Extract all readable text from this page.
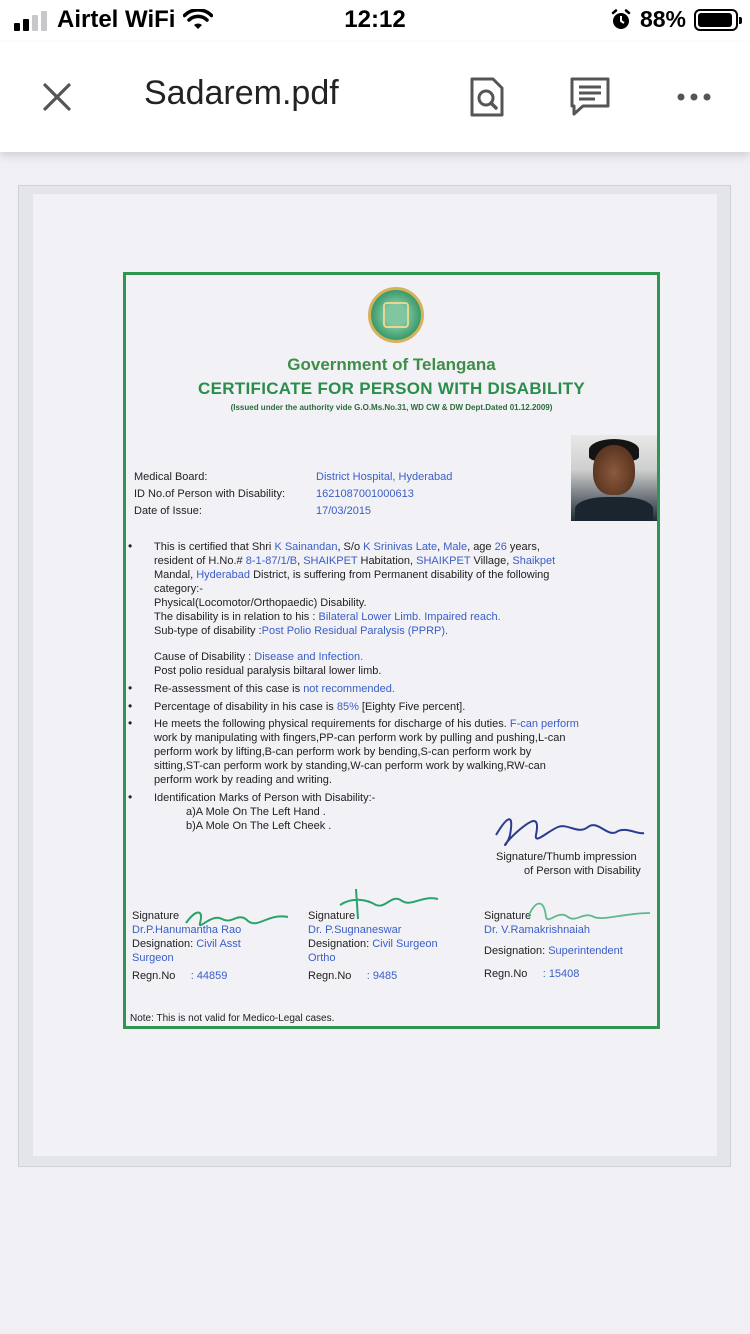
Airtel WiFi	12:12	88%
Sadarem.pdf
Government of Telangana
CERTIFICATE FOR PERSON WITH DISABILITY
(Issued under the authority vide G.O.Ms.No.31, WD CW & DW Dept.Dated 01.12.2009)
Medical Board:	District Hospital, Hyderabad
ID No.of Person with Disability:	1621087001000613
Date of Issue:	17/03/2015
• This is certified that Shri K Sainandan, S/o K Srinivas Late, Male, age 26 years,
resident of H.No.# 8-1-87/1/B, SHAIKPET Habitation, SHAIKPET Village, Shaikpet
Mandal, Hyderabad District, is suffering from Permanent disability of the following
category:-
Physical(Locomotor/Orthopaedic) Disability.
The disability is in relation to his : Bilateral Lower Limb. Impaired reach.
Sub-type of disability :Post Polio Residual Paralysis (PPRP).
Cause of Disability : Disease and Infection.
Post polio residual paralysis biltaral lower limb.
• Re-assessment of this case is not recommended.
• Percentage of disability in his case is 85% [Eighty Five percent].
• He meets the following physical requirements for discharge of his duties. F-can perform
work by manipulating with fingers,PP-can perform work by pulling and pushing,L-can
perform work by lifting,B-can perform work by bending,S-can perform work by
sitting,ST-can perform work by standing,W-can perform work by walking,RW-can
perform work by reading and writing.
• Identification Marks of Person with Disability:-
a)A Mole On The Left Hand .
b)A Mole On The Left Cheek .
Signature/Thumb impression
of Person with Disability
Signature
Dr.P.Hanumantha Rao
Designation: Civil Asst
Surgeon
Regn.No : 44859
Signature
Dr. P.Sugnaneswar
Designation: Civil Surgeon
Ortho
Regn.No : 9485
Signature
Dr. V.Ramakrishnaiah
Designation: Superintendent
Regn.No : 15408
Note: This is not valid for Medico-Legal cases.
